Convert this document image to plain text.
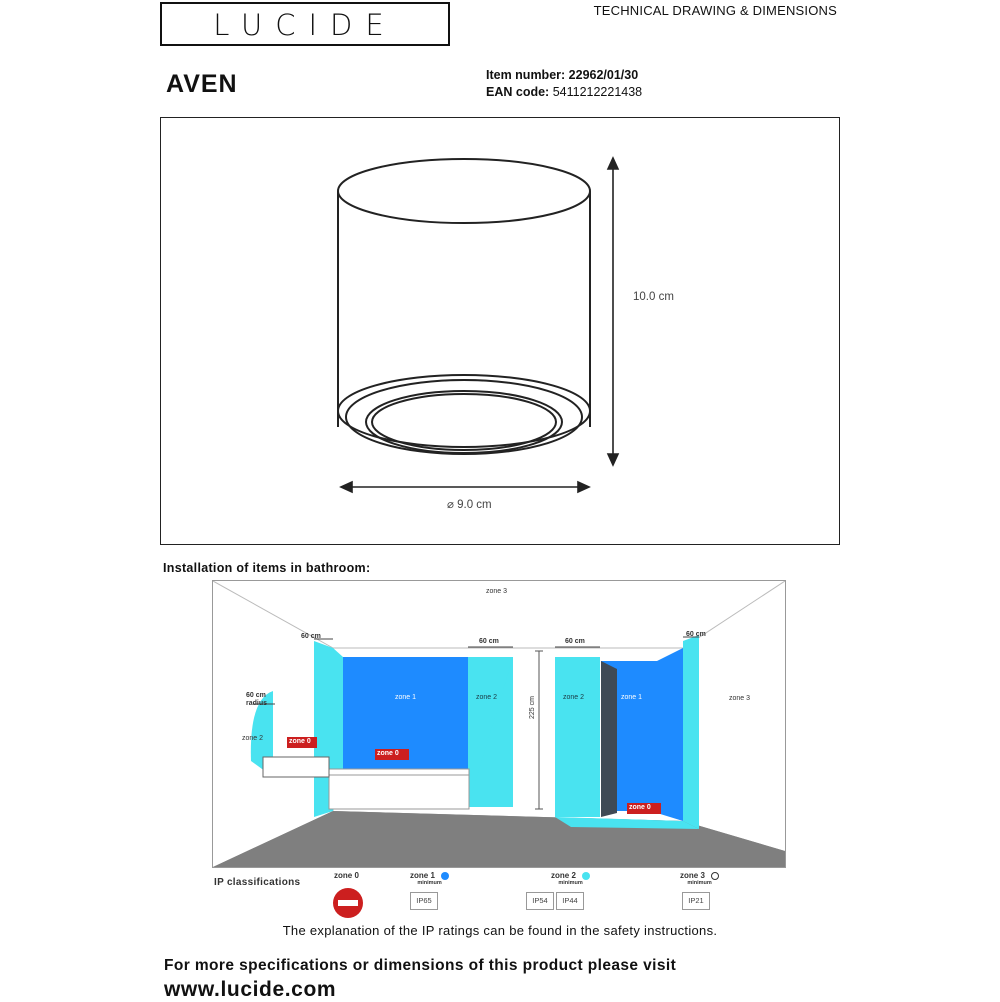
LUCIDE	TECHNICAL DRAWING & DIMENSIONS
AVEN	Item number: 22962/01/30
EAN code: 5411212221438
10.0 cm
⌀ 9.0 cm
Installation of items in bathroom:
zone 3
zone 3
60 cm
60 cm	60 cm
60 cm
60 cm
radius
zone 2
zone 1	zone 2	zone 2	zone 1
zone 0
zone 0
zone 0
225 cm
IP classifications
zone 0	zone 1
minimum
IP65
zone 2
minimum
IP54	IP44
zone 3
minimum
IP21
The explanation of the IP ratings can be found in the safety instructions.
For more specifications or dimensions of this product please visit
www.lucide.com
